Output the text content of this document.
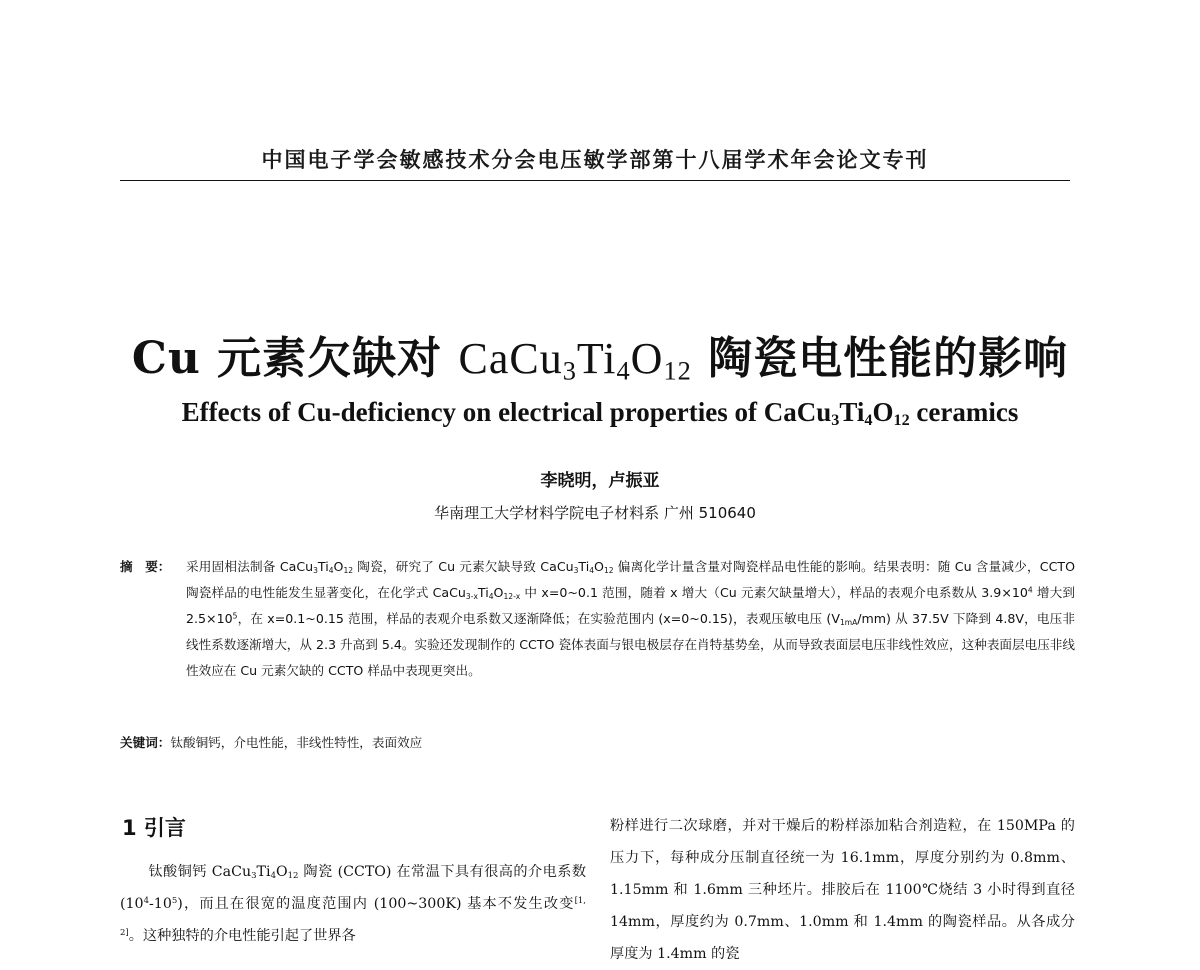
中国电子学会敏感技术分会电压敏学部第十八届学术年会论文专刊
Cu 元素欠缺对 $CaCu_3Ti_4O_{12}$ 陶瓷电性能的影响
Effects of Cu-deficiency on electrical properties of $CaCu_3Ti_4O_{12}$ ceramics
李晓明，卢振亚
华南理工大学材料学院电子材料系 广州 510640
摘　要： 采用固相法制备 $CaCu_3Ti_4O_{12}$ 陶瓷，研究了 Cu 元素欠缺导致 $CaCu_3Ti_4O_{12}$ 偏离化学计量含量对陶瓷样品电性能的影响。结果表明：随 Cu 含量减少，CCTO 陶瓷样品的电性能发生显著变化，在化学式 $CaCu_{3-x}Ti_4O_{12-x}$ 中 x=0~0.1 范围，随着 x 增大（Cu 元素欠缺量增大），样品的表观介电系数从 $3.9\times 10^4$ 增大到 $2.5\times 10^5$，在 x=0.1~0.15 范围，样品的表观介电系数又逐渐降低；在实验范围内 (x=0~0.15)，表观压敏电压 $(V_{1mA}/mm)$ 从 37.5V 下降到 4.8V，电压非线性系数逐渐增大，从 2.3 升高到 5.4。实验还发现制作的 CCTO 瓷体表面与银电极层存在肖特基势垒，从而导致表面层电压非线性效应，这种表面层电压非线性效应在 Cu 元素欠缺的 CCTO 样品中表现更突出。
关键词：钛酸铜钙，介电性能，非线性特性，表面效应
1 引言

钛酸铜钙 $CaCu_3Ti_4O_{12}$ 陶瓷 (CCTO) 在常温下具有很高的介电系数 $(10^4-10^5)$，而且在很宽的温度范围内 (100~300K) 基本不发生改变[1, 2]。这种独特的介电性能引起了世界各

粉样进行二次球磨，并对干燥后的粉样添加粘合剂造粒，在 150MPa 的压力下，每种成分压制直径统一为 16.1mm，厚度分别约为 0.8mm、1.15mm 和 1.6mm 三种坯片。排胶后在 1100℃烧结 3 小时得到直径 14mm，厚度约为 0.7mm、1.0mm 和 1.4mm 的陶瓷样品。从各成分厚度为 1.4mm 的瓷
